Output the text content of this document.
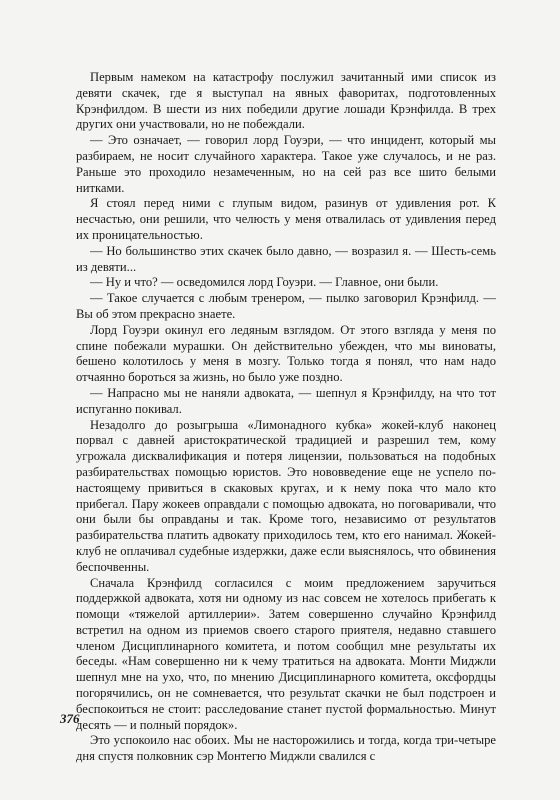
Первым намеком на катастрофу послужил зачитанный ими список из девяти скачек, где я выступал на явных фаворитах, подготовленных Крэнфилдом. В шести из них победили другие лошади Крэнфилда. В трех других они участвовали, но не побеждали.

— Это означает, — говорил лорд Гоуэри, — что инцидент, который мы разбираем, не носит случайного характера. Такое уже случалось, и не раз. Раньше это проходило незамеченным, но на сей раз все шито белыми нитками.

Я стоял перед ними с глупым видом, разинув от удивления рот. К несчастью, они решили, что челюсть у меня отвалилась от удивления перед их проницательностью.

— Но большинство этих скачек было давно, — возразил я. — Шесть-семь из девяти...

— Ну и что? — осведомился лорд Гоуэри. — Главное, они были.

— Такое случается с любым тренером, — пылко заговорил Крэнфилд. — Вы об этом прекрасно знаете.

Лорд Гоуэри окинул его ледяным взглядом. От этого взгляда у меня по спине побежали мурашки. Он действительно убежден, что мы виноваты, бешено колотилось у меня в мозгу. Только тогда я понял, что нам надо отчаянно бороться за жизнь, но было уже поздно.

— Напрасно мы не наняли адвоката, — шепнул я Крэнфилду, на что тот испуганно покивал.

Незадолго до розыгрыша «Лимонадного кубка» жокей-клуб наконец порвал с давней аристократической традицией и разрешил тем, кому угрожала дисквалификация и потеря лицензии, пользоваться на подобных разбирательствах помощью юристов. Это нововведение еще не успело по-настоящему привиться в скаковых кругах, и к нему пока что мало кто прибегал. Пару жокеев оправдали с помощью адвоката, но поговаривали, что они были бы оправданы и так. Кроме того, независимо от результатов разбирательства платить адвокату приходилось тем, кто его нанимал. Жокей-клуб не оплачивал судебные издержки, даже если выяснялось, что обвинения беспочвенны.

Сначала Крэнфилд согласился с моим предложением заручиться поддержкой адвоката, хотя ни одному из нас совсем не хотелось прибегать к помощи «тяжелой артиллерии». Затем совершенно случайно Крэнфилд встретил на одном из приемов своего старого приятеля, недавно ставшего членом Дисциплинарного комитета, и потом сообщил мне результаты их беседы. «Нам совершенно ни к чему тратиться на адвоката. Монти Миджли шепнул мне на ухо, что, по мнению Дисциплинарного комитета, оксфордцы погорячились, он не сомневается, что результат скачки не был подстроен и беспокоиться не стоит: расследование станет пустой формальностью. Минут десять — и полный порядок».

Это успокоило нас обоих. Мы не насторожились и тогда, когда три-четыре дня спустя полковник сэр Монтегю Миджли свалился с

376
